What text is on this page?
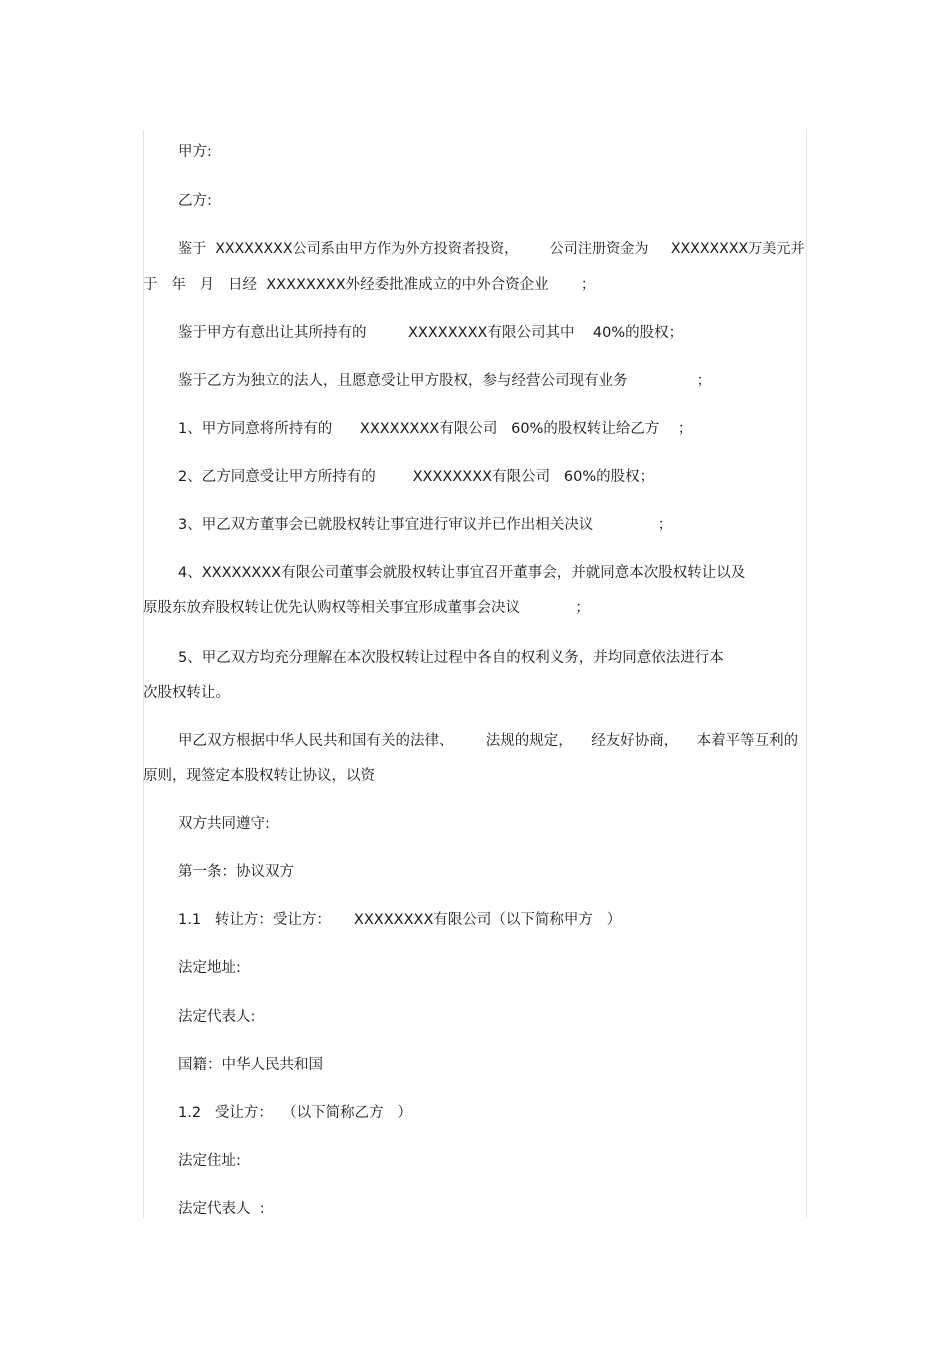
甲方:
乙方:
鉴于  XXXXXXXX公司系由甲方作为外方投资者投资，       公司注册资金为     XXXXXXXX万美元并
于   年   月   日经  XXXXXXXX外经委批准成立的中外合资企业       ；
鉴于甲方有意出让其所持有的         XXXXXXXX有限公司其中    40%的股权；
鉴于乙方为独立的法人，且愿意受让甲方股权，参与经营公司现有业务               ；
1、甲方同意将所持有的      XXXXXXXX有限公司   60%的股权转让给乙方    ；
2、乙方同意受让甲方所持有的        XXXXXXXX有限公司   60%的股权；
3、甲乙双方董事会已就股权转让事宜进行审议并已作出相关决议              ；
4、XXXXXXXX有限公司董事会就股权转让事宜召开董事会，并就同意本次股权转让以及
原股东放弃股权转让优先认购权等相关事宜形成董事会决议            ；
5、甲乙双方均充分理解在本次股权转让过程中各自的权利义务，并均同意依法进行本
次股权转让。
甲乙双方根据中华人民共和国有关的法律、       法规的规定，    经友好协商，    本着平等互利的
原则，现签定本股权转让协议，以资
双方共同遵守:
第一条：协议双方
1.1   转让方：受让方：     XXXXXXXX有限公司（以下简称甲方   ）
法定地址:
法定代表人:
国籍：中华人民共和国
1.2   受让方：  （以下简称乙方   ）
法定住址:
法定代表人  :
